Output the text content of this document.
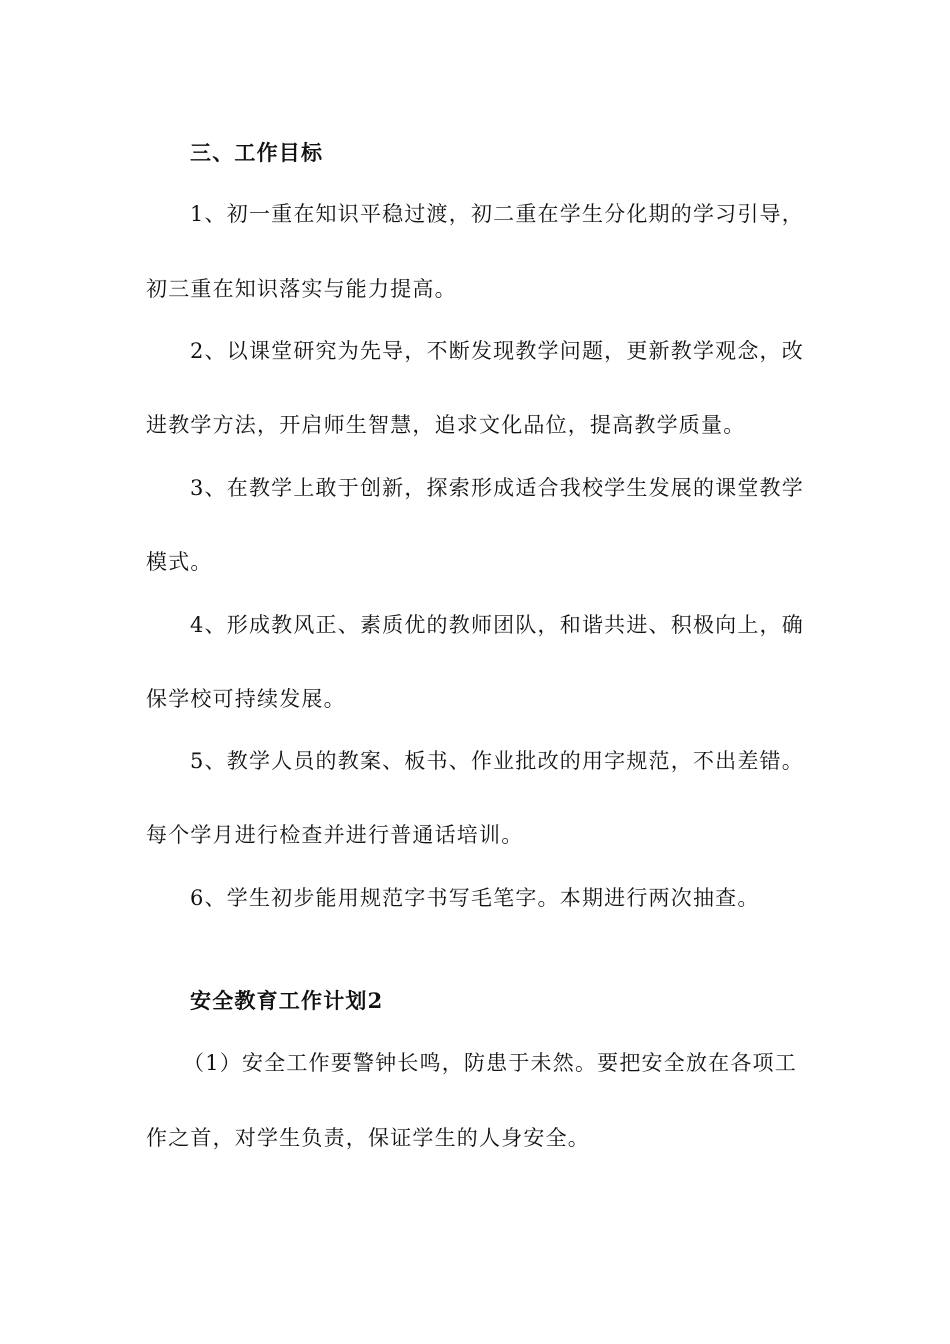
三、工作目标
1、初一重在知识平稳过渡，初二重在学生分化期的学习引导，
初三重在知识落实与能力提高。
2、以课堂研究为先导，不断发现教学问题，更新教学观念，改
进教学方法，开启师生智慧，追求文化品位，提高教学质量。
3、在教学上敢于创新，探索形成适合我校学生发展的课堂教学
模式。
4、形成教风正、素质优的教师团队，和谐共进、积极向上，确
保学校可持续发展。
5、教学人员的教案、板书、作业批改的用字规范，不出差错。
每个学月进行检查并进行普通话培训。
6、学生初步能用规范字书写毛笔字。本期进行两次抽查。
安全教育工作计划2
（1）安全工作要警钟长鸣，防患于未然。要把安全放在各项工
作之首，对学生负责，保证学生的人身安全。
